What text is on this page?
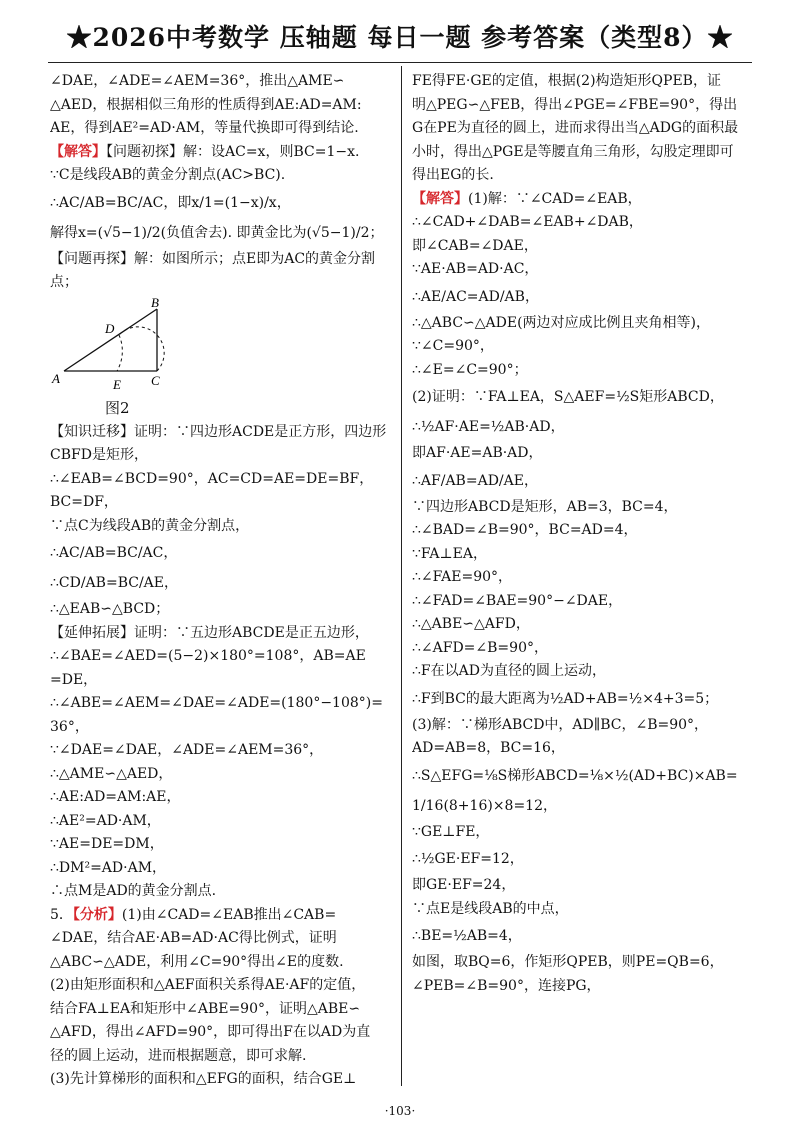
★2026中考数学 压轴题 每日一题 参考答案（类型8）★
∠DAE，∠ADE=∠AEM=36°，推出△AME∽
△AED，根据相似三角形的性质得到AE:AD=AM:
AE，得到AE²=AD·AM，等量代换即可得到结论.
【解答】【问题初探】解：设AC=x，则BC=1−x.
∵C是线段AB的黄金分割点(AC>BC).
∴AC/AB=BC/AC，即x/1=(1−x)/x，
解得x=(√5−1)/2(负值舍去). 即黄金比为(√5−1)/2；
【问题再探】解：如图所示；点E即为AC的黄金分割
点；
A
B
C
D
E
图2
【知识迁移】证明：∵四边形ACDE是正方形，四边形
CBFD是矩形，
∴∠EAB=∠BCD=90°，AC=CD=AE=DE=BF，
BC=DF，
∵点C为线段AB的黄金分割点，
∴AC/AB=BC/AC，
∴CD/AB=BC/AE，
∴△EAB∽△BCD；
【延伸拓展】证明：∵五边形ABCDE是正五边形，
∴∠BAE=∠AED=(5−2)×180°=108°，AB=AE
=DE，
∴∠ABE=∠AEM=∠DAE=∠ADE=(180°−108°)=
36°，
∵∠DAE=∠DAE，∠ADE=∠AEM=36°，
∴△AME∽△AED，
∴AE:AD=AM:AE，
∴AE²=AD·AM，
∵AE=DE=DM，
∴DM²=AD·AM，
∴点M是AD的黄金分割点.
5．【分析】(1)由∠CAD=∠EAB推出∠CAB=
∠DAE，结合AE·AB=AD·AC得比例式，证明
△ABC∽△ADE，利用∠C=90°得出∠E的度数.
(2)由矩形面积和△AEF面积关系得AE·AF的定值，
结合FA⊥EA和矩形中∠ABE=90°，证明△ABE∽
△AFD，得出∠AFD=90°，即可得出F在以AD为直
径的圆上运动，进而根据题意，即可求解.
(3)先计算梯形的面积和△EFG的面积，结合GE⊥
FE得FE·GE的定值，根据(2)构造矩形QPEB，证
明△PEG∽△FEB，得出∠PGE=∠FBE=90°，得出
G在PE为直径的圆上，进而求得出当△ADG的面积最
小时，得出△PGE是等腰直角三角形，勾股定理即可
得出EG的长.
【解答】(1)解：∵∠CAD=∠EAB，
∴∠CAD+∠DAB=∠EAB+∠DAB，
即∠CAB=∠DAE，
∵AE·AB=AD·AC，
∴AE/AC=AD/AB，
∴△ABC∽△ADE(两边对应成比例且夹角相等)，
∵∠C=90°，
∴∠E=∠C=90°；
(2)证明：∵FA⊥EA，S△AEF=½S矩形ABCD，
∴½AF·AE=½AB·AD，
即AF·AE=AB·AD，
∴AF/AB=AD/AE，
∵四边形ABCD是矩形，AB=3，BC=4，
∴∠BAD=∠B=90°，BC=AD=4，
∵FA⊥EA，
∴∠FAE=90°，
∴∠FAD=∠BAE=90°−∠DAE，
∴△ABE∽△AFD，
∴∠AFD=∠B=90°，
∴F在以AD为直径的圆上运动，
∴F到BC的最大距离为½AD+AB=½×4+3=5；
(3)解：∵梯形ABCD中，AD∥BC，∠B=90°，
AD=AB=8，BC=16，
∴S△EFG=⅛S梯形ABCD=⅛×½(AD+BC)×AB=
1/16(8+16)×8=12，
∵GE⊥FE，
∴½GE·EF=12，
即GE·EF=24，
∵点E是线段AB的中点，
∴BE=½AB=4，
如图，取BQ=6，作矩形QPEB，则PE=QB=6，
∠PEB=∠B=90°，连接PG，
·103·
